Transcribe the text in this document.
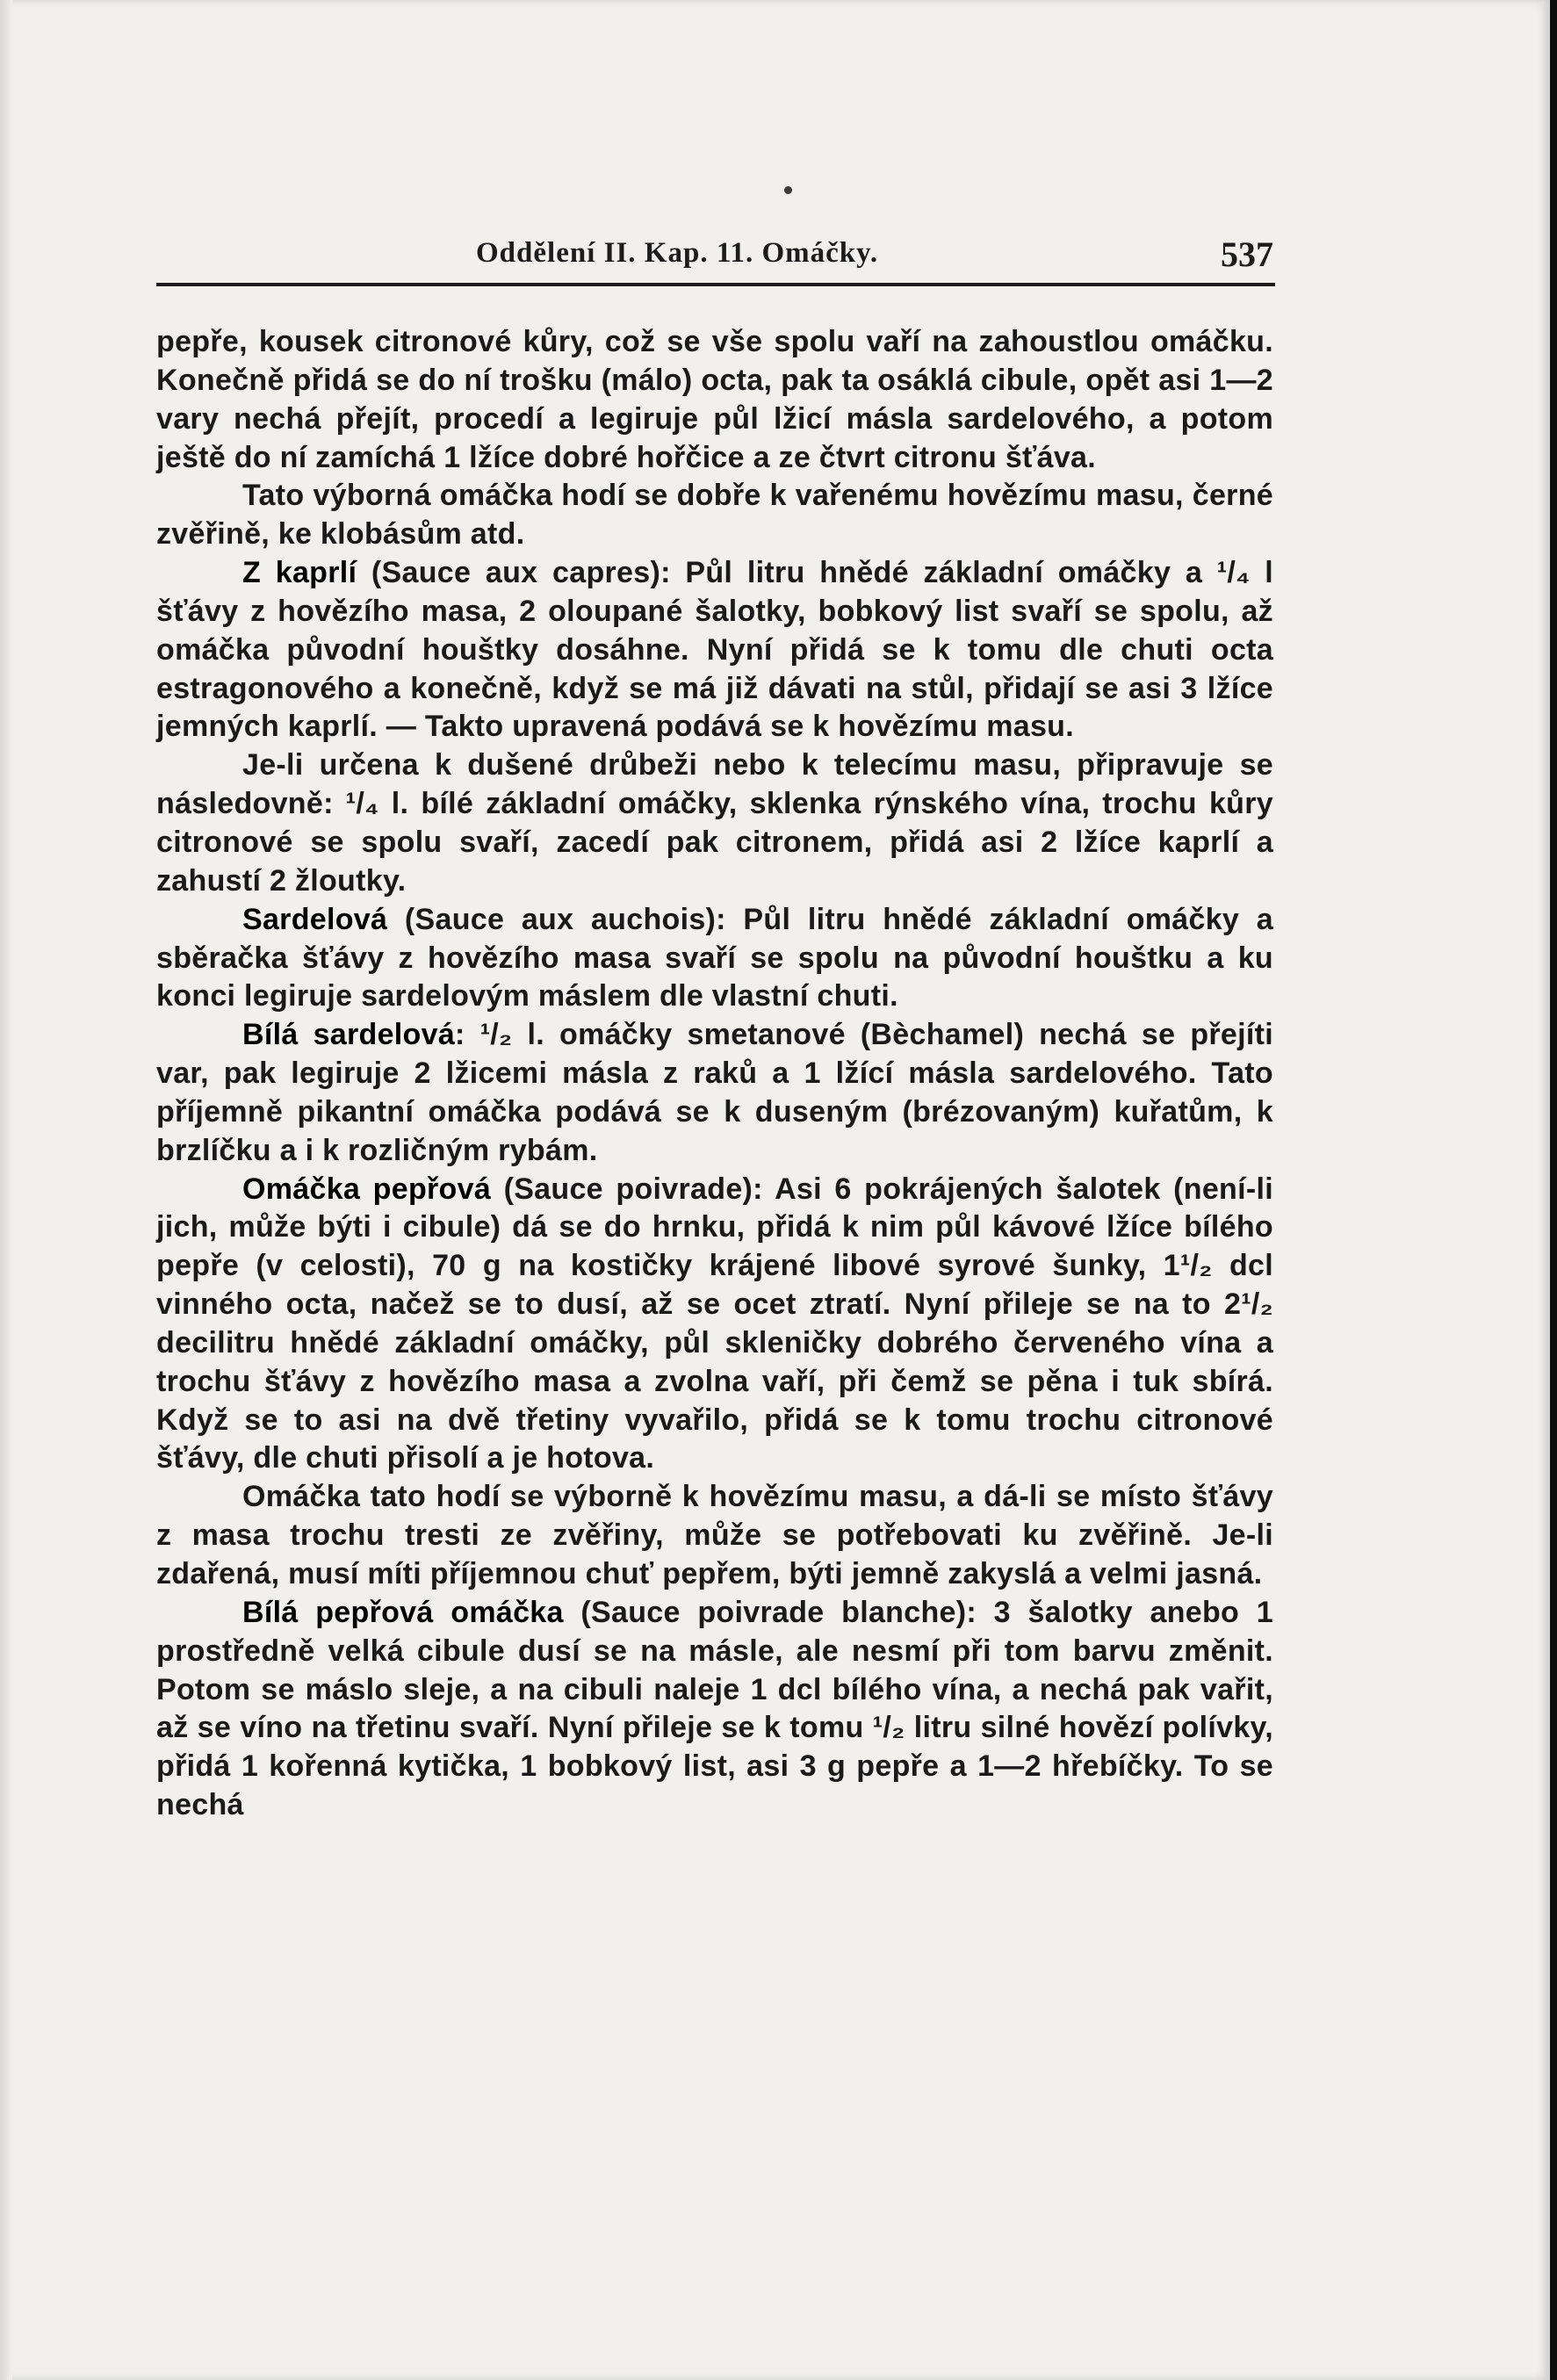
Oddělení II. Kap. 11. Omáčky.	537

pepře, kousek citronové kůry, což se vše spolu vaří na zahoustlou omáčku. Konečně přidá se do ní trošku (málo) octa, pak ta osáklá cibule, opět asi 1—2 vary nechá přejít, procedí a legiruje půl lžicí másla sardelového, a potom ještě do ní zamíchá 1 lžíce dobré hořčice a ze čtvrt citronu šťáva.

Tato výborná omáčka hodí se dobře k vařenému hovězímu masu, černé zvěřině, ke klobásům atd.

Z kaprlí (Sauce aux capres): Půl litru hnědé základní omáčky a ¹/₄ l šťávy z hovězího masa, 2 oloupané šalotky, bobkový list svaří se spolu, až omáčka původní houštky dosáhne. Nyní přidá se k tomu dle chuti octa estragonového a konečně, když se má již dávati na stůl, přidají se asi 3 lžíce jemných kaprlí. — Takto upravená podává se k hovězímu masu.

Je-li určena k dušené drůbeži nebo k telecímu masu, připravuje se následovně: ¹/₄ l. bílé základní omáčky, sklenka rýnského vína, trochu kůry citronové se spolu svaří, zacedí pak citronem, přidá asi 2 lžíce kaprlí a zahustí 2 žloutky.

Sardelová (Sauce aux auchois): Půl litru hnědé základní omáčky a sběračka šťávy z hovězího masa svaří se spolu na původní houštku a ku konci legiruje sardelovým máslem dle vlastní chuti.

Bílá sardelová: ¹/₂ l. omáčky smetanové (Bèchamel) nechá se přejíti var, pak legiruje 2 lžicemi másla z raků a 1 lžící másla sardelového. Tato příjemně pikantní omáčka podává se k duseným (brézovaným) kuřatům, k brzlíčku a i k rozličným rybám.

Omáčka pepřová (Sauce poivrade): Asi 6 pokrájených šalotek (není-li jich, může býti i cibule) dá se do hrnku, přidá k nim půl kávové lžíce bílého pepře (v celosti), 70 g na kostičky krájené libové syrové šunky, 1¹/₂ dcl vinného octa, načež se to dusí, až se ocet ztratí. Nyní přileje se na to 2¹/₂ decilitru hnědé základní omáčky, půl skleničky dobrého červeného vína a trochu šťávy z hovězího masa a zvolna vaří, při čemž se pěna i tuk sbírá. Když se to asi na dvě třetiny vyvařilo, přidá se k tomu trochu citronové šťávy, dle chuti přisolí a je hotova.

Omáčka tato hodí se výborně k hovězímu masu, a dá-li se místo šťávy z masa trochu tresti ze zvěřiny, může se potřebovati ku zvěřině. Je-li zdařená, musí míti příjemnou chuť pepřem, býti jemně zakyslá a velmi jasná.

Bílá pepřová omáčka (Sauce poivrade blanche): 3 šalotky anebo 1 prostředně velká cibule dusí se na másle, ale nesmí při tom barvu změnit. Potom se máslo sleje, a na cibuli naleje 1 dcl bílého vína, a nechá pak vařit, až se víno na třetinu svaří. Nyní přileje se k tomu ¹/₂ litru silné hovězí polívky, přidá 1 kořenná kytička, 1 bobkový list, asi 3 g pepře a 1—2 hřebíčky. To se nechá
